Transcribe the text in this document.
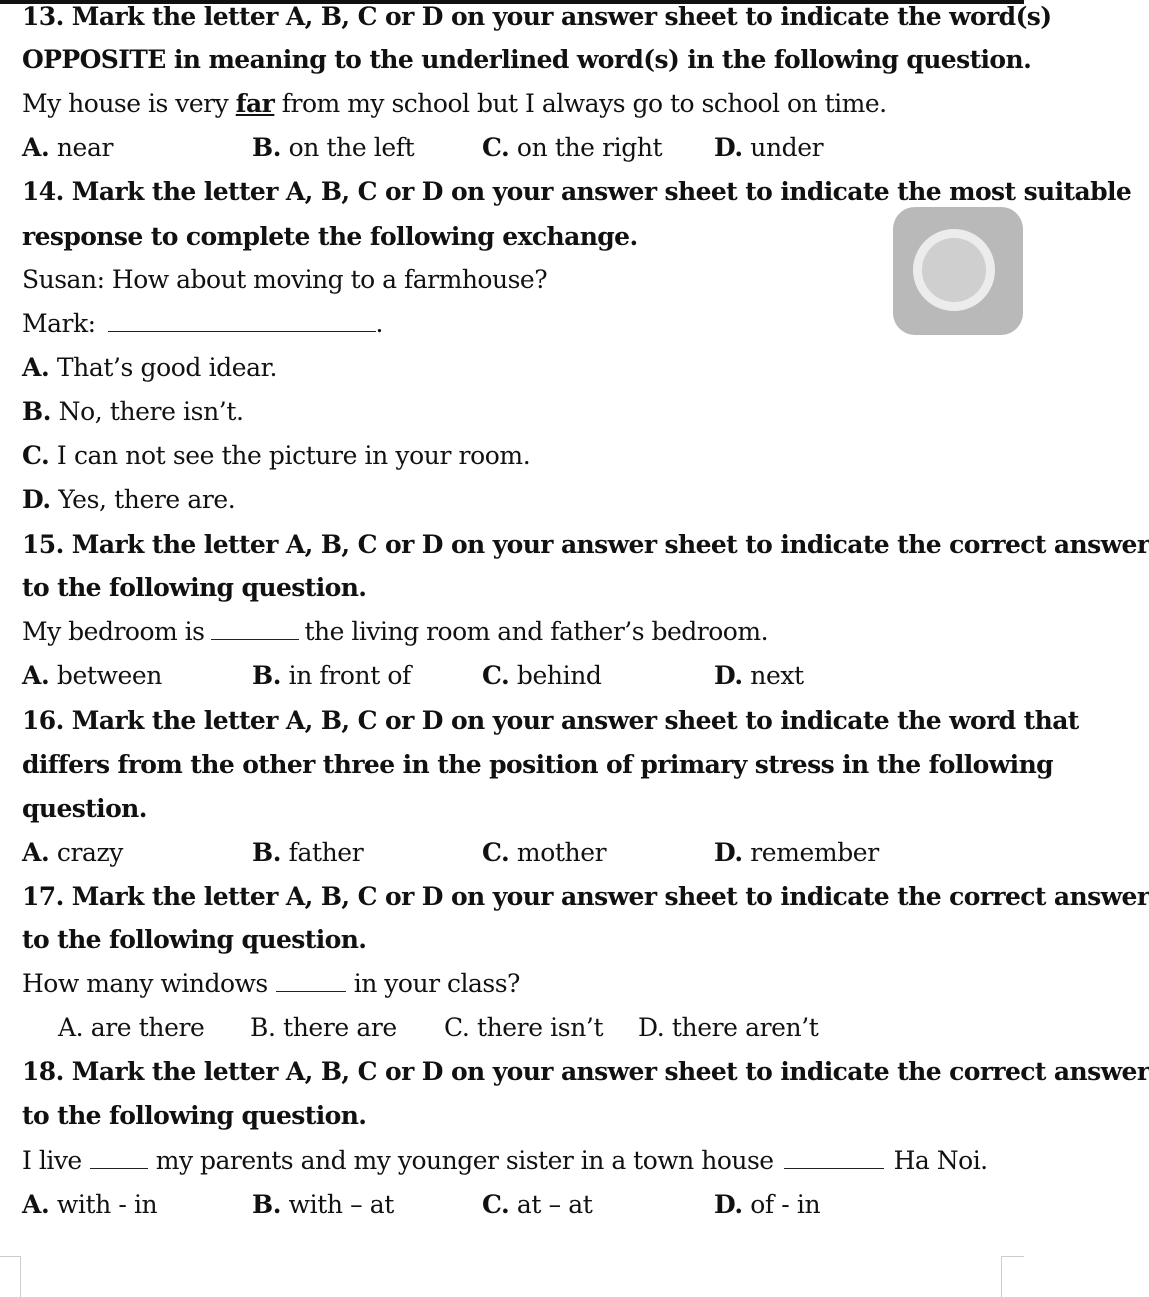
13. Mark the letter A, B, C or D on your answer sheet to indicate the word(s)
OPPOSITE in meaning to the underlined word(s) in the following question.
My house is very far from my school but I always go to school on time.
A. near	B. on the left	C. on the right D. under
14. Mark the letter A, B, C or D on your answer sheet to indicate the most suitable
response to complete the following exchange.
Susan: How about moving to a farmhouse?
Mark:	.
A. That’s good idear.
B. No, there isn’t.
C. I can not see the picture in your room.
D. Yes, there are.
15. Mark the letter A, B, C or D on your answer sheet to indicate the correct answer
to the following question.
My bedroom is	the living room and father’s bedroom.
A. between	B. in front of	C. behind	D. next
16. Mark the letter A, B, C or D on your answer sheet to indicate the word that
differs from the other three in the position of primary stress in the following
question.
A. crazy	B. father	C. mother	D. remember
17. Mark the letter A, B, C or D on your answer sheet to indicate the correct answer
to the following question.
How many windows	in your class?
A. are there B. there are C. there isn’t D. there aren’t
18. Mark the letter A, B, C or D on your answer sheet to indicate the correct answer
to the following question.
I live	my parents and my younger sister in a town house	Ha Noi.
A. with - in	B. with – at	C. at – at	D. of - in
